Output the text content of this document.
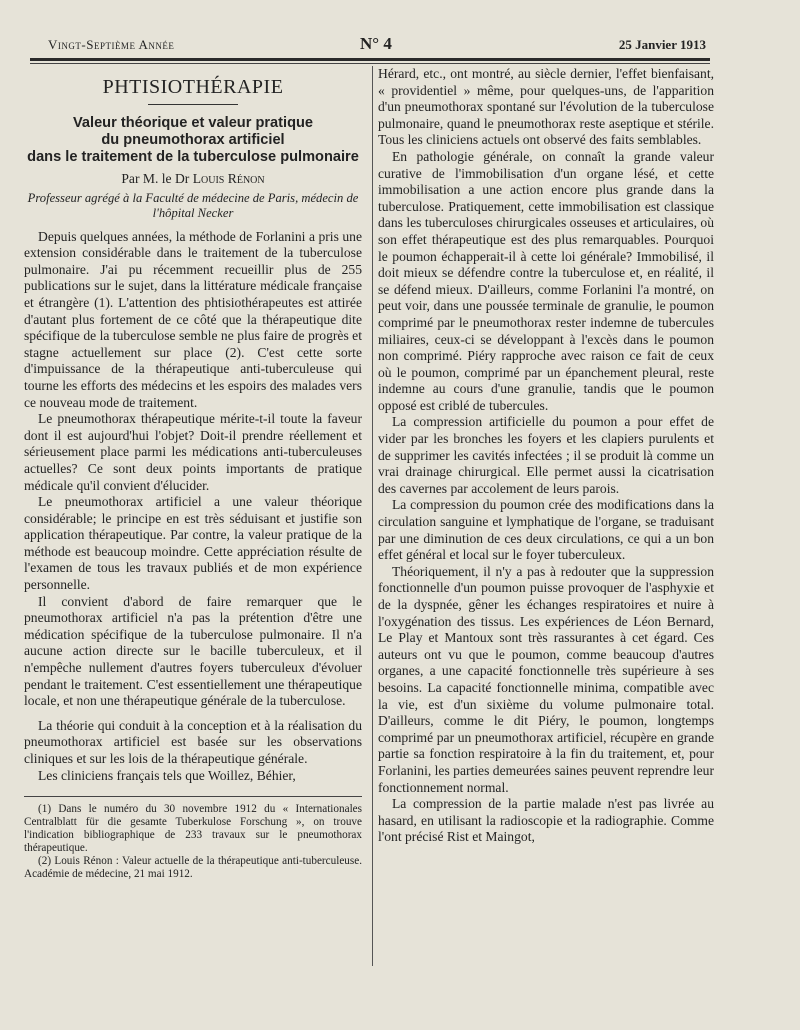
Vingt-Septième Année	N° 4	25 Janvier 1913
PHTISIOTHÉRAPIE
Valeur théorique et valeur pratique
du pneumothorax artificiel
dans le traitement de la tuberculose pulmonaire
Par M. le Dr Louis Rénon
Professeur agrégé à la Faculté de médecine de Paris, médecin de l'hôpital Necker

Depuis quelques années, la méthode de Forlanini a pris une extension considérable dans le traitement de la tuberculose pulmonaire. J'ai pu récemment recueillir plus de 255 publications sur le sujet, dans la littérature médicale française et étrangère (1). L'attention des phtisiothérapeutes est attirée d'autant plus fortement de ce côté que la thérapeutique dite spécifique de la tuberculose semble ne plus faire de progrès et stagne actuellement sur place (2). C'est cette sorte d'impuissance de la thérapeutique anti-tuberculeuse qui tourne les efforts des médecins et les espoirs des malades vers ce nouveau mode de traitement.

Le pneumothorax thérapeutique mérite-t-il toute la faveur dont il est aujourd'hui l'objet? Doit-il prendre réellement et sérieusement place parmi les médications anti-tuberculeuses actuelles? Ce sont deux points importants de pratique médicale qu'il convient d'élucider.

Le pneumothorax artificiel a une valeur théorique considérable; le principe en est très séduisant et justifie son application thérapeutique. Par contre, la valeur pratique de la méthode est beaucoup moindre. Cette appréciation résulte de l'examen de tous les travaux publiés et de mon expérience personnelle.

Il convient d'abord de faire remarquer que le pneumothorax artificiel n'a pas la prétention d'être une médication spécifique de la tuberculose pulmonaire. Il n'a aucune action directe sur le bacille tuberculeux, et il n'empêche nullement d'autres foyers tuberculeux d'évoluer pendant le traitement. C'est essentiellement une thérapeutique locale, et non une thérapeutique générale de la tuberculose.

La théorie qui conduit à la conception et à la réalisation du pneumothorax artificiel est basée sur les observations cliniques et sur les lois de la thérapeutique générale.

Les cliniciens français tels que Woillez, Béhier,

(1) Dans le numéro du 30 novembre 1912 du « Internationales Centralblatt für die gesamte Tuberkulose Forschung », on trouve l'indication bibliographique de 233 travaux sur le pneumothorax thérapeutique.

(2) Louis Rénon : Valeur actuelle de la thérapeutique anti-tuberculeuse. Académie de médecine, 21 mai 1912.

Hérard, etc., ont montré, au siècle dernier, l'effet bienfaisant, « providentiel » même, pour quelques-uns, de l'apparition d'un pneumothorax spontané sur l'évolution de la tuberculose pulmonaire, quand le pneumothorax reste aseptique et stérile. Tous les cliniciens actuels ont observé des faits semblables.

En pathologie générale, on connaît la grande valeur curative de l'immobilisation d'un organe lésé, et cette immobilisation a une action encore plus grande dans la tuberculose. Pratiquement, cette immobilisation est classique dans les tuberculoses chirurgicales osseuses et articulaires, où son effet thérapeutique est des plus remarquables. Pourquoi le poumon échapperait-il à cette loi générale? Immobilisé, il doit mieux se défendre contre la tuberculose et, en réalité, il se défend mieux. D'ailleurs, comme Forlanini l'a montré, on peut voir, dans une poussée terminale de granulie, le poumon comprimé par le pneumothorax rester indemne de tubercules miliaires, ceux-ci se développant à l'excès dans le poumon non comprimé. Piéry rapproche avec raison ce fait de ceux où le poumon, comprimé par un épanchement pleural, reste indemne au cours d'une granulie, tandis que le poumon opposé est criblé de tubercules.

La compression artificielle du poumon a pour effet de vider par les bronches les foyers et les clapiers purulents et de supprimer les cavités infectées ; il se produit là comme un vrai drainage chirurgical. Elle permet aussi la cicatrisation des cavernes par accolement de leurs parois.

La compression du poumon crée des modifications dans la circulation sanguine et lymphatique de l'organe, se traduisant par une diminution de ces deux circulations, ce qui a un bon effet général et local sur le foyer tuberculeux.

Théoriquement, il n'y a pas à redouter que la suppression fonctionnelle d'un poumon puisse provoquer de l'asphyxie et de la dyspnée, gêner les échanges respiratoires et nuire à l'oxygénation des tissus. Les expériences de Léon Bernard, Le Play et Mantoux sont très rassurantes à cet égard. Ces auteurs ont vu que le poumon, comme beaucoup d'autres organes, a une capacité fonctionnelle très supérieure à ses besoins. La capacité fonctionnelle minima, compatible avec la vie, est d'un sixième du volume pulmonaire total. D'ailleurs, comme le dit Piéry, le poumon, longtemps comprimé par un pneumothorax artificiel, récupère en grande partie sa fonction respiratoire à la fin du traitement, et, pour Forlanini, les parties demeurées saines peuvent reprendre leur fonctionnement normal.

La compression de la partie malade n'est pas livrée au hasard, en utilisant la radioscopie et la radiographie. Comme l'ont précisé Rist et Maingot,
